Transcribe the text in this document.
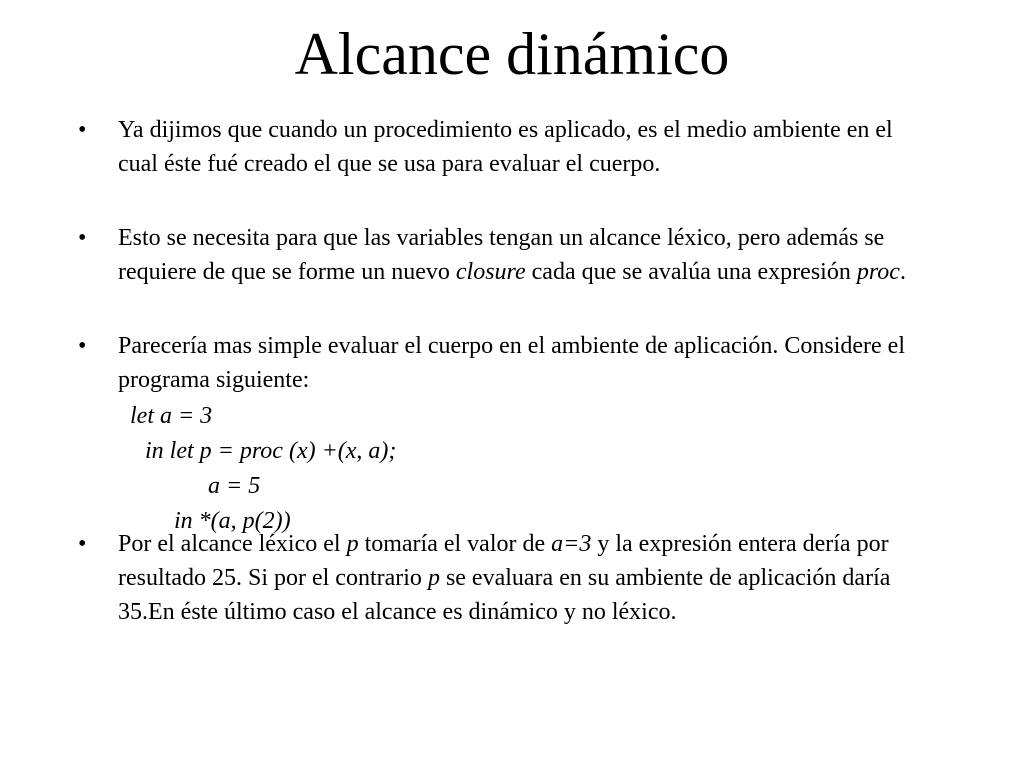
Alcance dinámico
•	Ya dijimos que cuando un procedimiento es aplicado, es el medio ambiente en el cual éste fué creado el que se usa para evaluar el cuerpo.
•	Esto se necesita para que las variables tengan un alcance léxico, pero además se requiere de que se forme un nuevo closure cada que se avalúa una expresión proc.
•	Parecería mas simple evaluar el cuerpo en el ambiente de aplicación. Considere el programa siguiente:
let a = 3
in let p = proc (x) +(x, a);
a = 5
in *(a, p(2))
•	Por el alcance léxico el p tomaría el valor de a=3 y la expresión entera dería por resultado 25. Si por el contrario p se evaluara en su ambiente de aplicación daría 35.En éste último caso el alcance es dinámico y no léxico.
